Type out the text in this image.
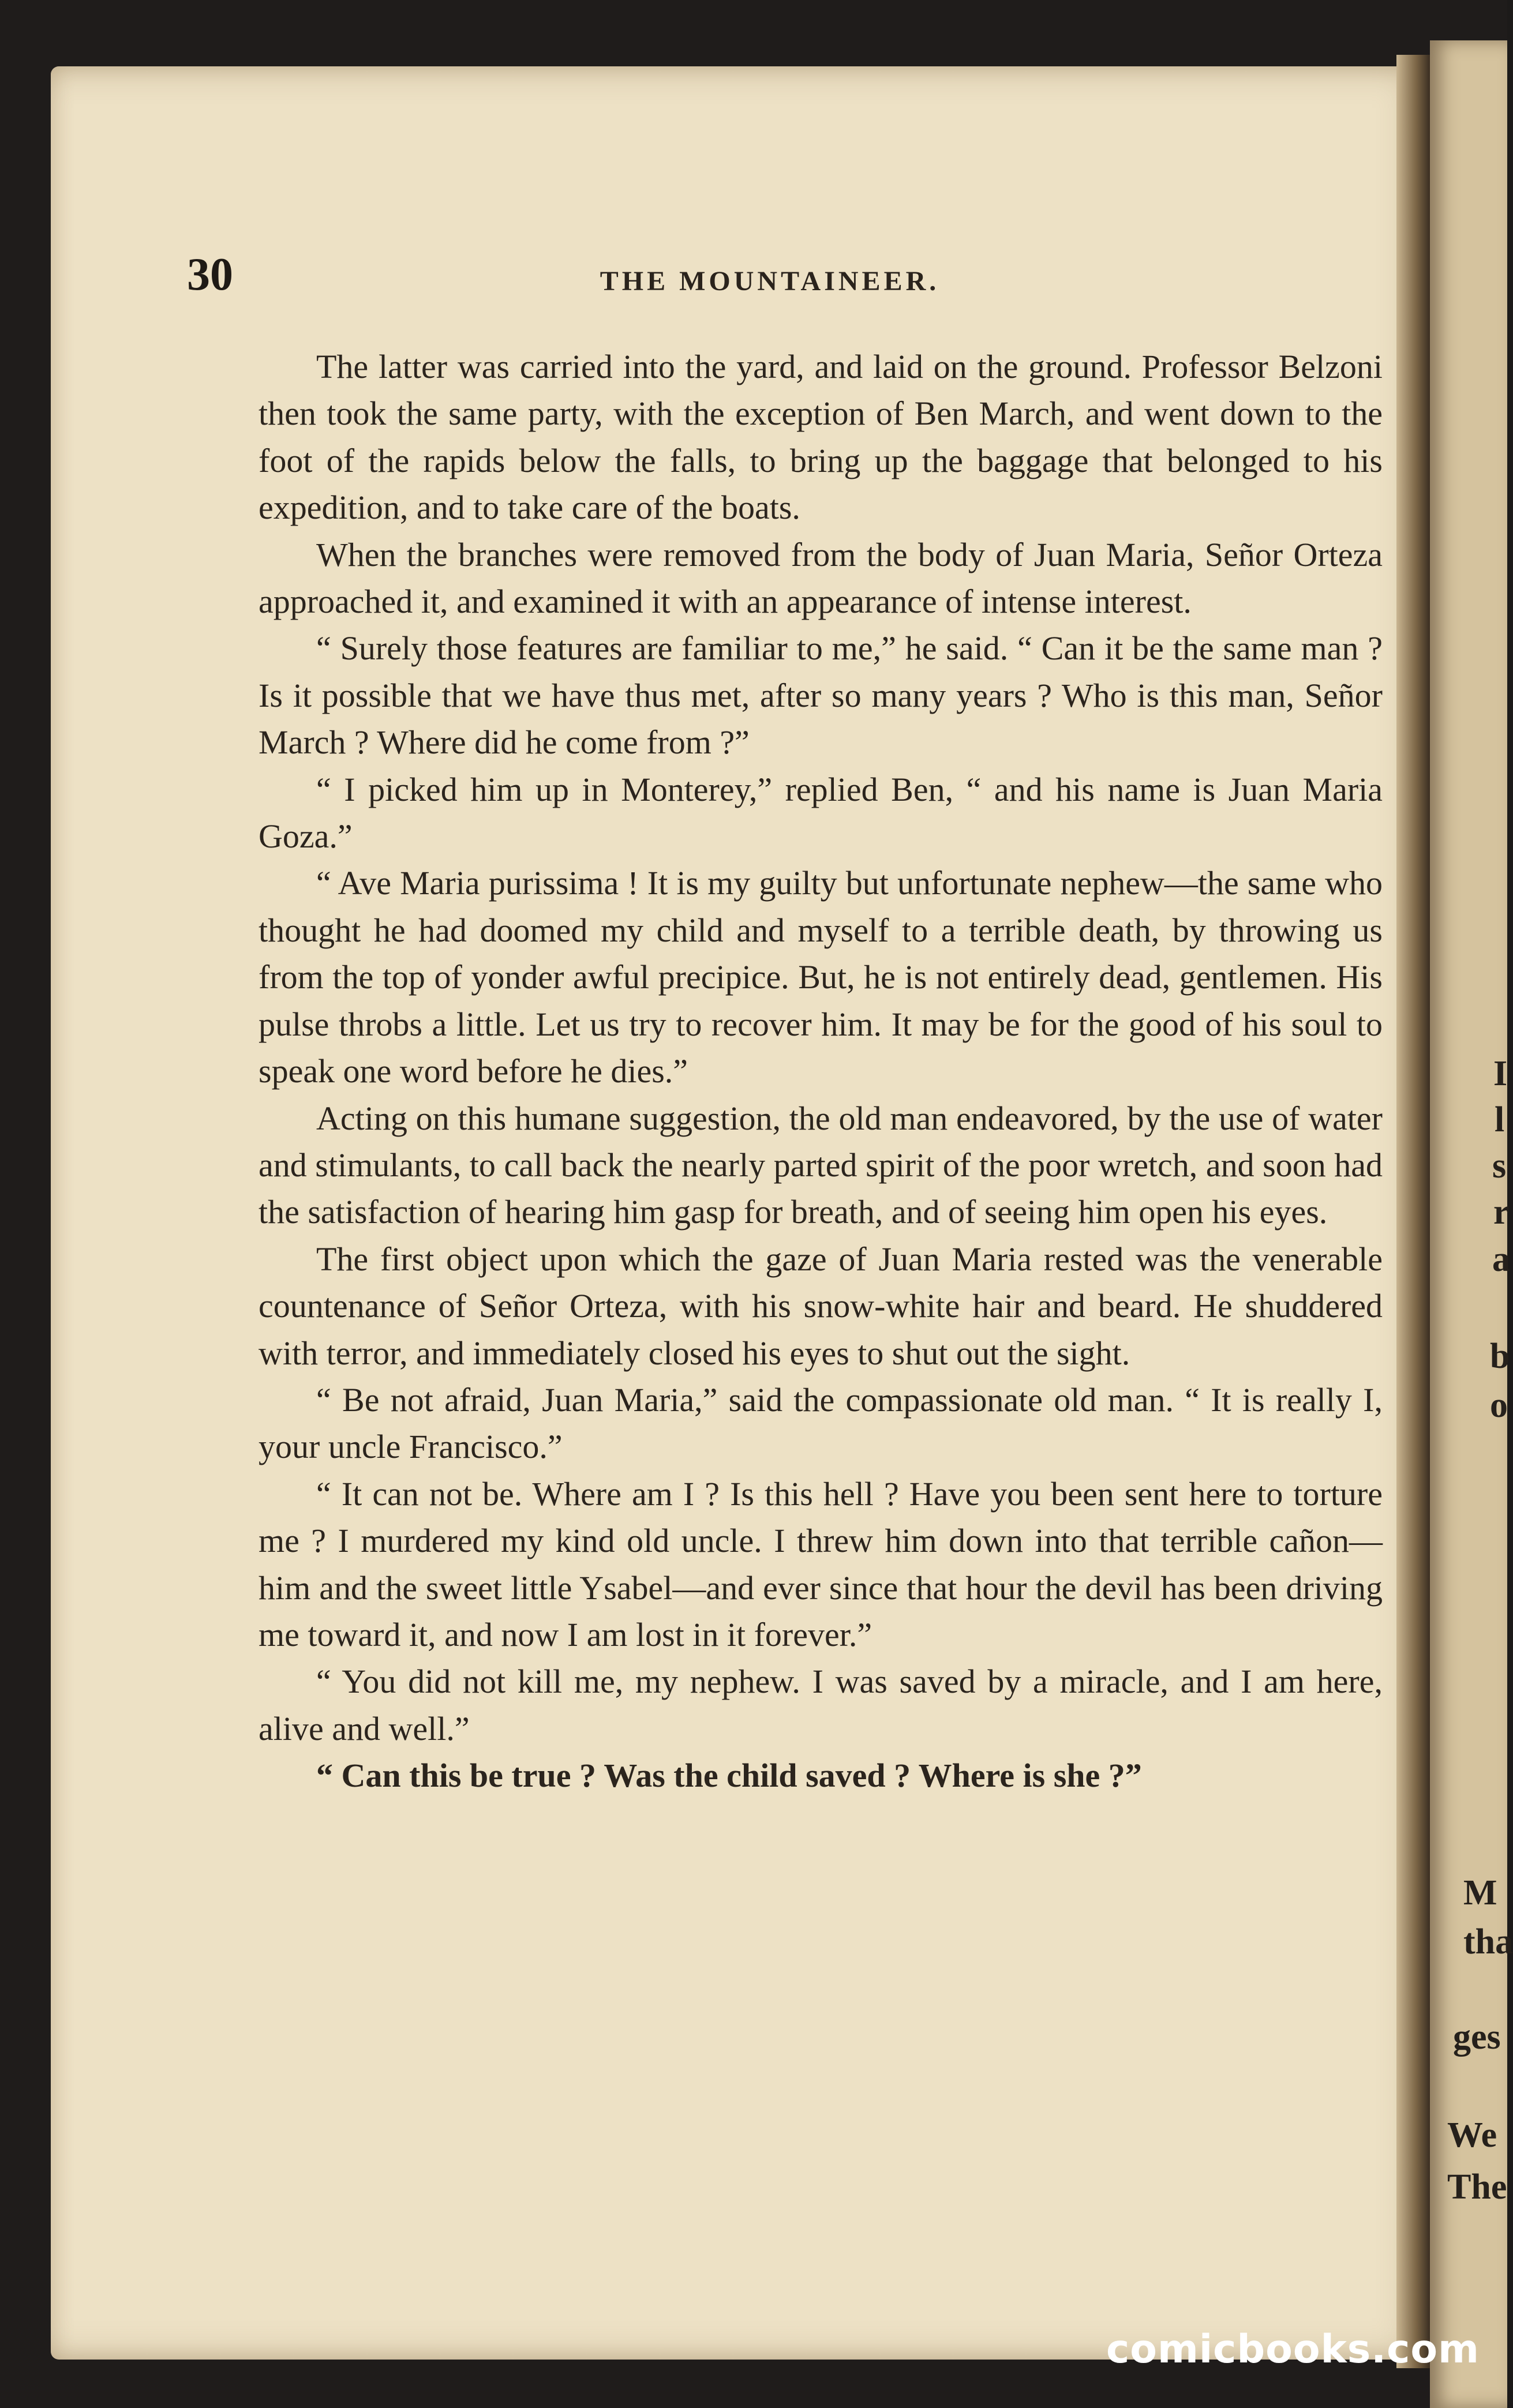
30	THE MOUNTAINEER.

The latter was carried into the yard, and laid on the ground. Professor Belzoni then took the same party, with the exception of Ben March, and went down to the foot of the rapids below the falls, to bring up the baggage that belonged to his expedition, and to take care of the boats.

When the branches were removed from the body of Juan Maria, Señor Orteza approached it, and examined it with an appearance of intense interest.

“ Surely those features are familiar to me,” he said. “ Can it be the same man ? Is it possible that we have thus met, after so many years ? Who is this man, Señor March ? Where did he come from ?”

“ I picked him up in Monterey,” replied Ben, “ and his name is Juan Maria Goza.”

“ Ave Maria purissima ! It is my guilty but unfortunate nephew—the same who thought he had doomed my child and myself to a terrible death, by throwing us from the top of yonder awful precipice. But, he is not entirely dead, gentlemen. His pulse throbs a little. Let us try to recover him. It may be for the good of his soul to speak one word before he dies.”

Acting on this humane suggestion, the old man endeavored, by the use of water and stimulants, to call back the nearly parted spirit of the poor wretch, and soon had the satisfaction of hearing him gasp for breath, and of seeing him open his eyes.

The first object upon which the gaze of Juan Maria rested was the venerable countenance of Señor Orteza, with his snow-white hair and beard. He shuddered with terror, and immediately closed his eyes to shut out the sight.

“ Be not afraid, Juan Maria,” said the compassionate old man. “ It is really I, your uncle Francisco.”

“ It can not be. Where am I ? Is this hell ? Have you been sent here to torture me ? I murdered my kind old uncle. I threw him down into that terrible cañon—him and the sweet little Ysabel—and ever since that hour the devil has been driving me toward it, and now I am lost in it forever.”

“ You did not kill me, my nephew. I was saved by a miracle, and I am here, alive and well.”

“ Can this be true ? Was the child saved ? Where is she ?”

I
l
s
r
a
b
o
M
tha
ges
We
The
comicbooks.com
